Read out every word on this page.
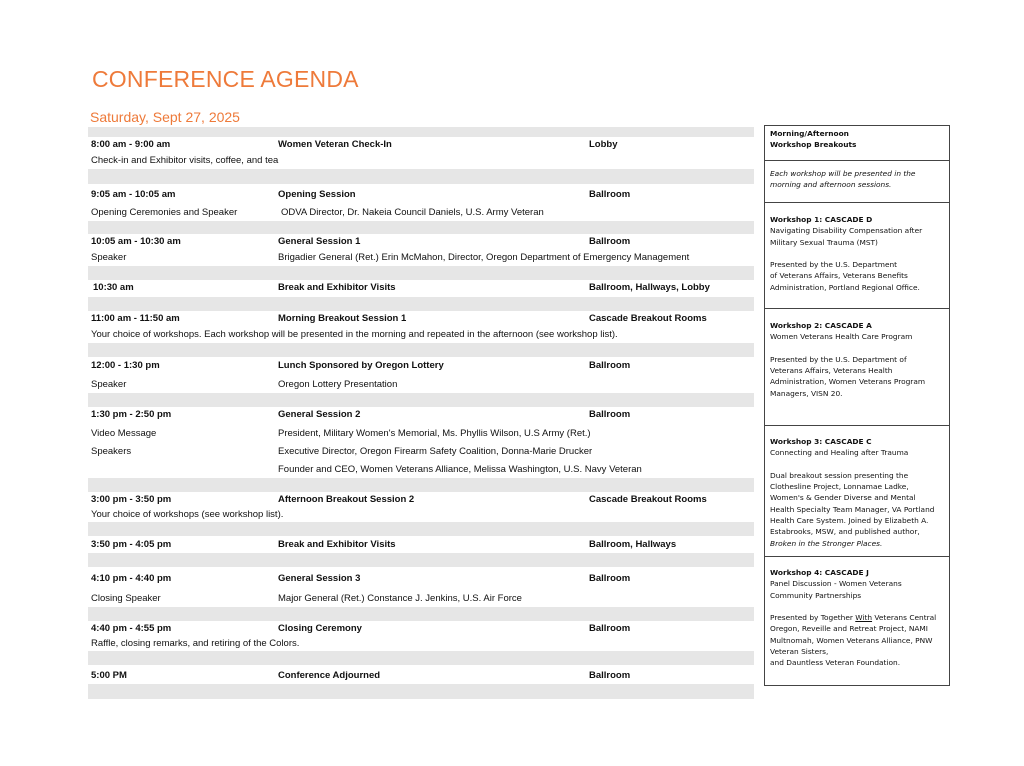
CONFERENCE AGENDA
Saturday, Sept 27, 2025
8:00 am - 9:00 am	Women Veteran Check-In	Lobby
Check-in and Exhibitor visits, coffee, and tea
9:05 am - 10:05 am	Opening Session	Ballroom
Opening Ceremonies and Speaker	ODVA Director, Dr. Nakeia Council Daniels, U.S. Army Veteran
10:05 am - 10:30 am	General Session 1	Ballroom
Speaker	Brigadier General (Ret.) Erin McMahon, Director, Oregon Department of Emergency Management
10:30 am	Break and Exhibitor Visits	Ballroom, Hallways, Lobby
11:00 am - 11:50 am	Morning Breakout Session 1	Cascade Breakout Rooms
Your choice of workshops. Each workshop will be presented in the morning and repeated in the afternoon (see workshop list).
12:00 - 1:30 pm	Lunch Sponsored by Oregon Lottery	Ballroom
Speaker	Oregon Lottery Presentation
1:30 pm - 2:50 pm	General Session 2	Ballroom
Video Message	President, Military Women's Memorial, Ms. Phyllis Wilson, U.S Army (Ret.)
Speakers	Executive Director, Oregon Firearm Safety Coalition, Donna-Marie Drucker
Founder and CEO, Women Veterans Alliance, Melissa Washington, U.S. Navy Veteran
3:00 pm - 3:50 pm	Afternoon Breakout Session 2	Cascade Breakout Rooms
Your choice of workshops (see workshop list).
3:50 pm - 4:05 pm	Break and Exhibitor Visits	Ballroom, Hallways
4:10 pm - 4:40 pm	General Session 3	Ballroom
Closing Speaker	Major General (Ret.) Constance J. Jenkins, U.S. Air Force
4:40 pm - 4:55 pm	Closing Ceremony	Ballroom
Raffle, closing remarks, and retiring of the Colors.
5:00 PM	Conference Adjourned	Ballroom

Morning/Afternoon

Workshop Breakouts

Each workshop will be presented in the

morning and afternoon sessions.

Workshop 1: CASCADE D

Navigating Disability Compensation after

Military Sexual Trauma (MST)

Presented by the U.S. Department

of Veterans Affairs, Veterans Benefits

Administration, Portland Regional Office.

Workshop 2: CASCADE A

Women Veterans Health Care Program

Presented by the U.S. Department of

Veterans Affairs, Veterans Health

Administration, Women Veterans Program

Managers, VISN 20.

Workshop 3: CASCADE C

Connecting and Healing after Trauma

Dual breakout session presenting the

Clothesline Project, Lonnamae Ladke,

Women's & Gender Diverse and Mental

Health Specialty Team Manager, VA Portland

Health Care System. Joined by Elizabeth A.

Estabrooks, MSW, and published author,

Broken in the Stronger Places.

Workshop 4: CASCADE J

Panel Discussion - Women Veterans

Community Partnerships

Presented by Together With Veterans Central

Oregon, Reveille and Retreat Project, NAMI

Multnomah, Women Veterans Alliance, PNW

Veteran Sisters,

and Dauntless Veteran Foundation.
